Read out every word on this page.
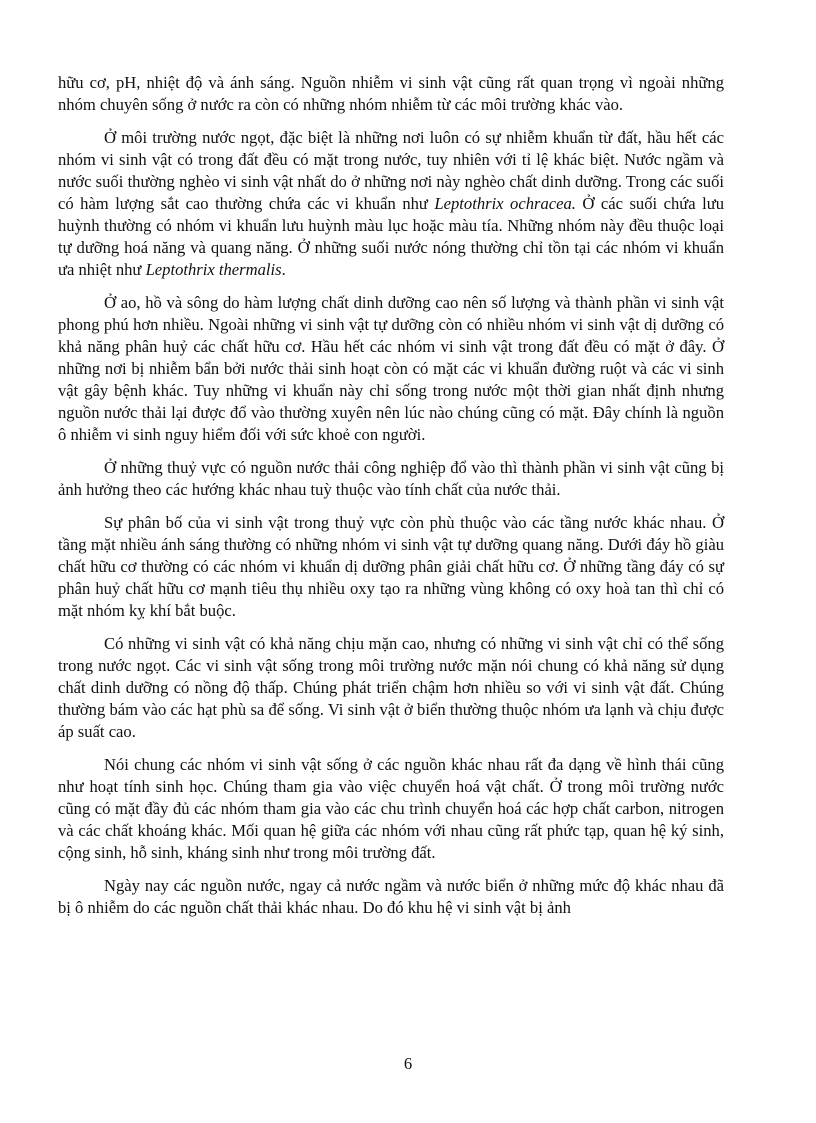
hữu cơ, pH, nhiệt độ và ánh sáng. Nguồn nhiễm vi sinh vật cũng rất quan trọng vì ngoài những nhóm chuyên sống ở nước ra còn có những nhóm nhiễm từ các môi trường khác vào.

Ở môi trường nước ngọt, đặc biệt là những nơi luôn có sự nhiễm khuẩn từ đất, hầu hết các nhóm vi sinh vật có trong đất đều có mặt trong nước, tuy nhiên với tỉ lệ khác biệt. Nước ngầm và nước suối thường nghèo vi sinh vật nhất do ở những nơi này nghèo chất dinh dưỡng. Trong các suối có hàm lượng sắt cao thường chứa các vi khuẩn như Leptothrix ochracea. Ở các suối chứa lưu huỳnh thường có nhóm vi khuẩn lưu huỳnh màu lục hoặc màu tía. Những nhóm này đều thuộc loại tự dưỡng hoá năng và quang năng. Ở những suối nước nóng thường chỉ tồn tại các nhóm vi khuẩn ưa nhiệt như Leptothrix thermalis.

Ở ao, hồ và sông do hàm lượng chất dinh dưỡng cao nên số lượng và thành phần vi sinh vật phong phú hơn nhiều. Ngoài những vi sinh vật tự dưỡng còn có nhiều nhóm vi sinh vật dị dưỡng có khả năng phân huỷ các chất hữu cơ. Hầu hết các nhóm vi sinh vật trong đất đều có mặt ở đây. Ở những nơi bị nhiễm bẩn bởi nước thải sinh hoạt còn có mặt các vi khuẩn đường ruột và các vi sinh vật gây bệnh khác. Tuy những vi khuẩn này chỉ sống trong nước một thời gian nhất định nhưng nguồn nước thải lại được đổ vào thường xuyên nên lúc nào chúng cũng có mặt. Đây chính là nguồn ô nhiễm vi sinh nguy hiểm đối với sức khoẻ con người.

Ở những thuỷ vực có nguồn nước thải công nghiệp đổ vào thì thành phần vi sinh vật cũng bị ảnh hưởng theo các hướng khác nhau tuỳ thuộc vào tính chất của nước thải.

Sự phân bố của vi sinh vật trong thuỷ vực còn phù thuộc vào các tầng nước khác nhau. Ở tầng mặt nhiều ánh sáng thường có những nhóm vi sinh vật tự dưỡng quang năng. Dưới đáy hồ giàu chất hữu cơ thường có các nhóm vi khuẩn dị dưỡng phân giải chất hữu cơ. Ở những tầng đáy có sự phân huỷ chất hữu cơ mạnh tiêu thụ nhiều oxy tạo ra những vùng không có oxy hoà tan thì chỉ có mặt nhóm kỵ khí bắt buộc.

Có những vi sinh vật có khả năng chịu mặn cao, nhưng có những vi sinh vật chỉ có thể sống trong nước ngọt. Các vi sinh vật sống trong môi trường nước mặn nói chung có khả năng sử dụng chất dinh dưỡng có nồng độ thấp. Chúng phát triển chậm hơn nhiều so với vi sinh vật đất. Chúng thường bám vào các hạt phù sa để sống. Vi sinh vật ở biển thường thuộc nhóm ưa lạnh và chịu được áp suất cao.

Nói chung các nhóm vi sinh vật sống ở các nguồn khác nhau rất đa dạng về hình thái cũng như hoạt tính sinh học. Chúng tham gia vào việc chuyển hoá vật chất. Ở trong môi trường nước cũng có mặt đầy đủ các nhóm tham gia vào các chu trình chuyển hoá các hợp chất carbon, nitrogen và các chất khoáng khác. Mối quan hệ giữa các nhóm với nhau cũng rất phức tạp, quan hệ ký sinh, cộng sinh, hỗ sinh, kháng sinh như trong môi trường đất.

Ngày nay các nguồn nước, ngay cả nước ngầm và nước biển ở những mức độ khác nhau đã bị ô nhiễm do các nguồn chất thải khác nhau. Do đó khu hệ vi sinh vật bị ảnh

6
